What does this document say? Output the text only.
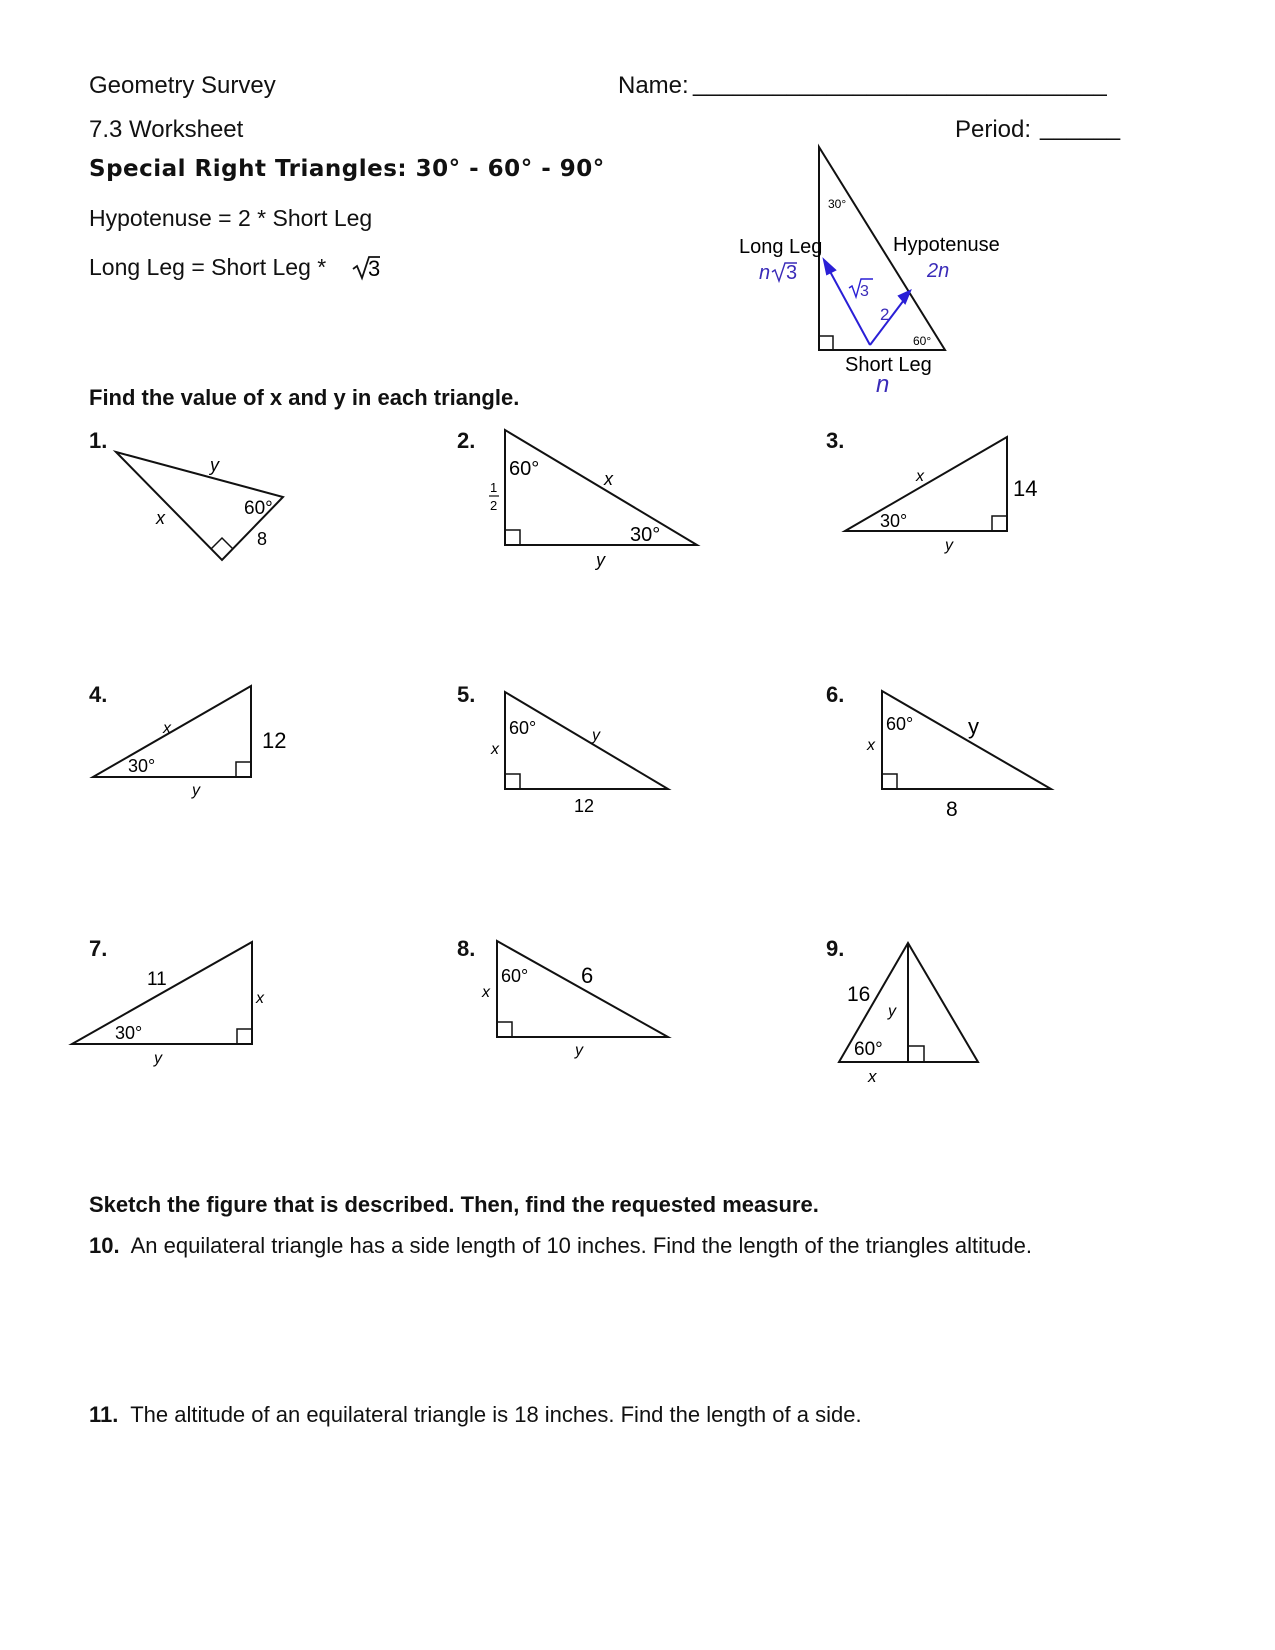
Geometry Survey	Name: _______________________________
7.3 Worksheet	Period: ______
Special Right Triangles: 30° - 60° - 90°
Hypotenuse = 2 * Short Leg
Long Leg = Short Leg *
Find the value of x and y in each triangle.
1.	2.	3.
4.	5.	6.
7.	8.	9.
3
Long Leg
n 3
Hypotenuse
2n
Short Leg
n
30°
60°
3
2
y
x	60°
8
60°	x
1
2
30°
y
x	14
30°
y
x	12
30°
y
60°	y
x
12
60° y
x
8
11
x
30°
y
60° 6
x
y
16
y
60°
x
Sketch the figure that is described. Then, find the requested measure.
10. An equilateral triangle has a side length of 10 inches. Find the length of the triangles altitude.
11. The altitude of an equilateral triangle is 18 inches. Find the length of a side.
